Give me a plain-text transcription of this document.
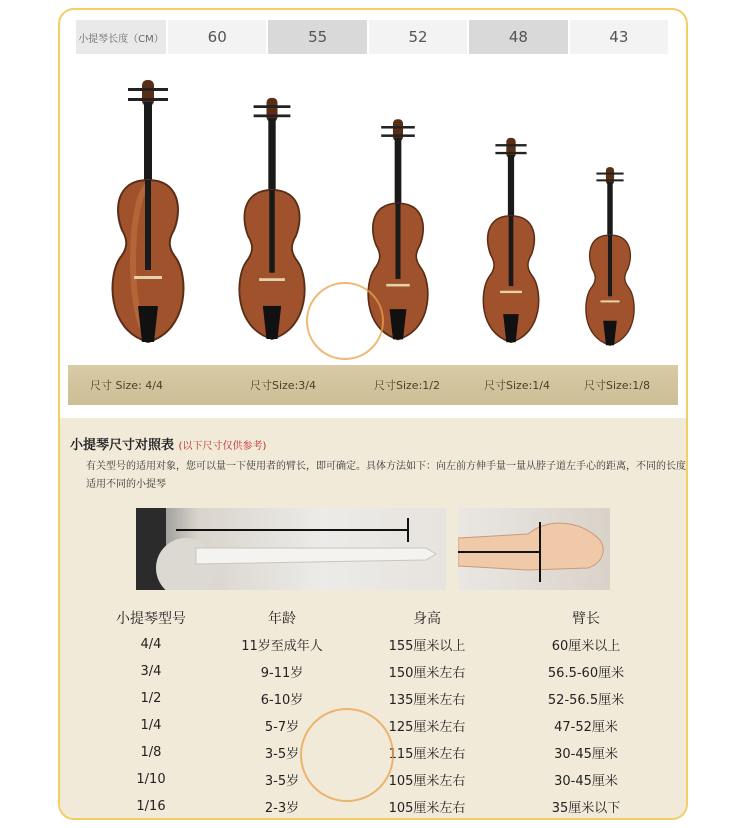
小提琴长度（CM）	60	55	52	48	43
尺寸 Size: 4/4	尺寸Size:3/4	尺寸Size:1/2	尺寸Size:1/4	尺寸Size:1/8
小提琴尺寸对照表 (以下尺寸仅供参考)
有关型号的适用对象，您可以量一下使用者的臂长，即可确定。具体方法如下：向左前方伸手量一量从脖子道左手心的距离，不同的长度适用不同的小提琴
小提琴型号	年龄	身高	臂长
4/4	11岁至成年人	155厘米以上	60厘米以上
3/4	9-11岁	150厘米左右	56.5-60厘米
1/2	6-10岁	135厘米左右	52-56.5厘米
1/4	5-7岁	125厘米左右	47-52厘米
1/8	3-5岁	115厘米左右	30-45厘米
1/10	3-5岁	105厘米左右	30-45厘米
1/16	2-3岁	105厘米左右	35厘米以下
